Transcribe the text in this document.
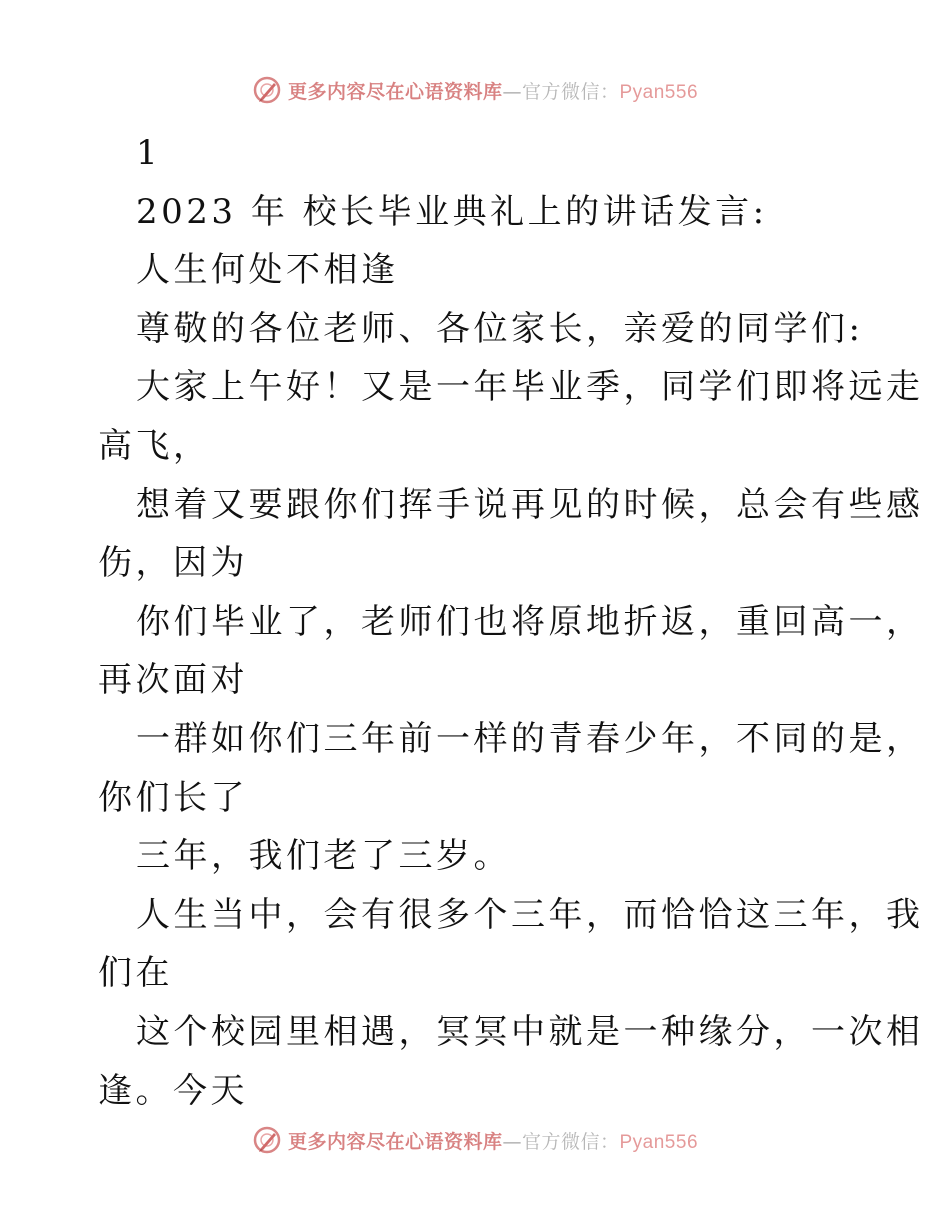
更多内容尽在心语资料库—官方微信：Pyan556
1
2023 年 校长毕业典礼上的讲话发言:
人生何处不相逢
尊敬的各位老师、各位家长，亲爱的同学们:
大家上午好！又是一年毕业季，同学们即将远走
高飞，
想着又要跟你们挥手说再见的时候，总会有些感
伤，因为
你们毕业了，老师们也将原地折返，重回高一，
再次面对
一群如你们三年前一样的青春少年，不同的是，
你们长了
三年，我们老了三岁。
人生当中，会有很多个三年，而恰恰这三年，我
们在
这个校园里相遇，冥冥中就是一种缘分，一次相
逢。今天
更多内容尽在心语资料库—官方微信：Pyan556
